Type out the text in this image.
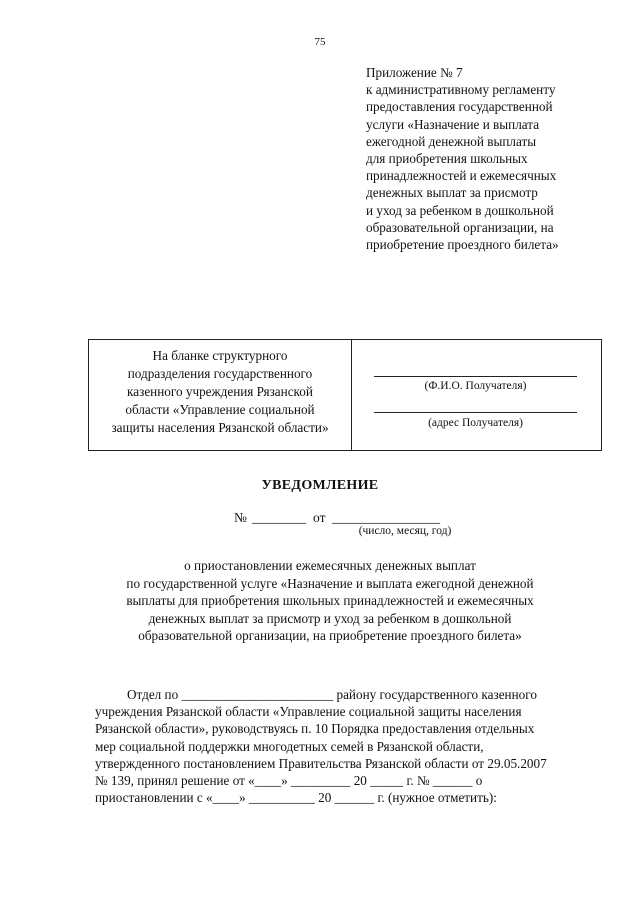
75
Приложение № 7
к административному регламенту
предоставления государственной
услуги «Назначение и выплата
ежегодной денежной выплаты
для приобретения школьных
принадлежностей и ежемесячных
денежных выплат за присмотр
и уход за ребенком в дошкольной
образовательной организации, на
приобретение проездного билета»
На бланке структурного
подразделения государственного
казенного учреждения Рязанской
области «Управление социальной
защиты населения Рязанской области»
(Ф.И.О. Получателя)
(адрес Получателя)
УВЕДОМЛЕНИЕ
№ ________ от ________________
(число, месяц, год)
о приостановлении ежемесячных денежных выплат
по государственной услуге «Назначение и выплата ежегодной денежной
выплаты для приобретения школьных принадлежностей и ежемесячных
денежных выплат за присмотр и уход за ребенком в дошкольной
образовательной организации, на приобретение проездного билета»
Отдел по _______________________ району государственного казенного
учреждения Рязанской области «Управление социальной защиты населения
Рязанской области», руководствуясь п. 10 Порядка предоставления отдельных
мер социальной поддержки многодетных семей в Рязанской области,
утвержденного постановлением Правительства Рязанской области от 29.05.2007
№ 139, принял решение от «____» _________ 20 _____ г. № ______ о
приостановлении с «____» __________ 20 ______ г. (нужное отметить):
